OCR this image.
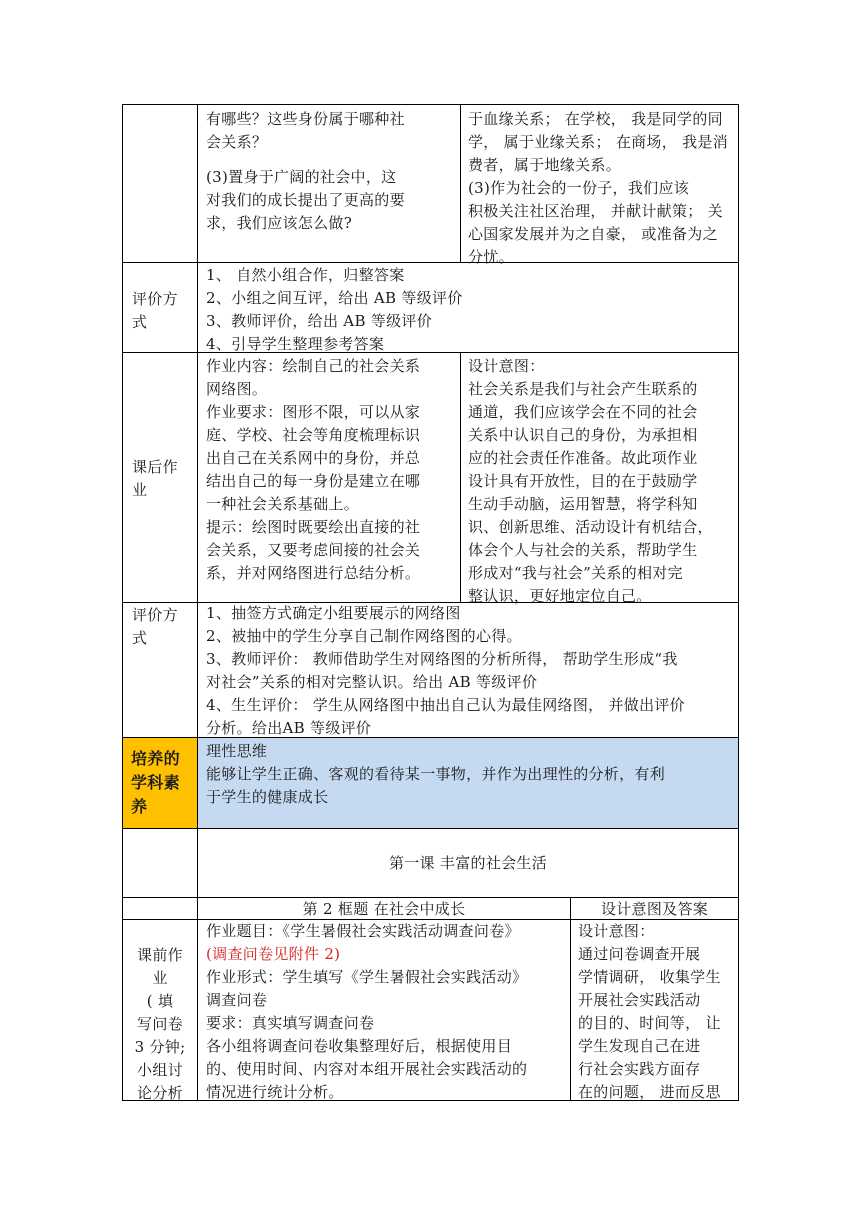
有哪些？这些身份属于哪种社
会关系？
(3)置身于广阔的社会中，这
对我们的成长提出了更高的要
求，我们应该怎么做?
于血缘关系； 在学校， 我是同学的同
学， 属于业缘关系； 在商场， 我是消
费者，属于地缘关系。
(3)作为社会的一份子，我们应该
积极关注社区治理， 并献计献策； 关
心国家发展并为之自豪， 或准备为之
分忧。
评价方
式
1、 自然小组合作，归整答案
2、小组之间互评，给出 AB 等级评价
3、教师评价，给出 AB 等级评价
4、引导学生整理参考答案
课后作
业
作业内容：绘制自己的社会关系
网络图。
作业要求：图形不限，可以从家
庭、学校、社会等角度梳理标识
出自己在关系网中的身份，并总
结出自己的每一身份是建立在哪
一种社会关系基础上。
提示：绘图时既要绘出直接的社
会关系，又要考虑间接的社会关
系，并对网络图进行总结分析。
设计意图：
社会关系是我们与社会产生联系的
通道，我们应该学会在不同的社会
关系中认识自己的身份，为承担相
应的社会责任作准备。故此项作业
设计具有开放性，目的在于鼓励学
生动手动脑，运用智慧，将学科知
识、创新思维、活动设计有机结合，
体会个人与社会的关系，帮助学生
形成对“我与社会”关系的相对完
整认识，更好地定位自己。
评价方
式
1、抽签方式确定小组要展示的网络图
2、被抽中的学生分享自己制作网络图的心得。
3、教师评价： 教师借助学生对网络图的分析所得， 帮助学生形成“我
对社会”关系的相对完整认识。给出 AB 等级评价
4、生生评价： 学生从网络图中抽出自己认为最佳网络图， 并做出评价
分析。给出AB 等级评价
培养的
学科素
养
理性思维
能够让学生正确、客观的看待某一事物，并作为出理性的分析，有利
于学生的健康成长
第一课 丰富的社会生活
第 2 框题 在社会中成长	设计意图及答案
课前作
业
( 填
写问卷
3 分钟;
小组讨
论分析
作业题目：《学生暑假社会实践活动调查问卷》
(调查问卷见附件 2)
作业形式：学生填写《学生暑假社会实践活动》
调查问卷
要求：真实填写调查问卷
各小组将调查问卷收集整理好后，根据使用目
的、使用时间、内容对本组开展社会实践活动的
情况进行统计分析。
设计意图：
通过问卷调查开展
学情调研， 收集学生
开展社会实践活动
的目的、时间等， 让
学生发现自己在进
行社会实践方面存
在的问题， 进而反思
